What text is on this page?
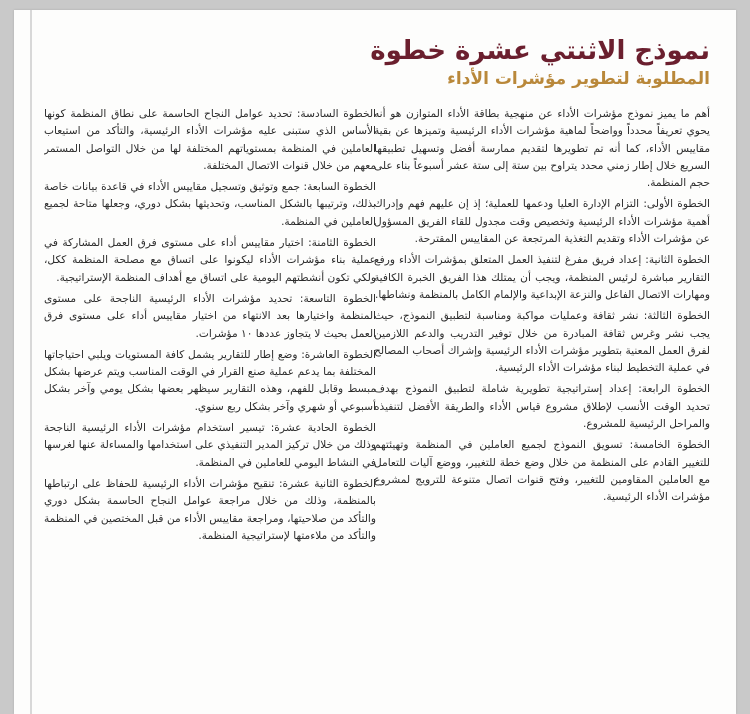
نموذج الاثنتي عشرة خطوة
المطلوبة لتطوير مؤشرات الأداء

أهم ما يميز نموذج مؤشرات الأداء عن منهجية بطاقة الأداء المتوازن هو أنه يحوي تعريفاً محدداً وواضحاً لماهية مؤشرات الأداء الرئيسية وتميزها عن بقية مقاييس الأداء، كما أنه تم تطويرها لتقديم ممارسة أفضل وتسهيل تطبيقها السريع خلال إطار زمني محدد يتراوح بين ستة إلى ستة عشر أسبوعاً بناء على حجم المنظمة.

الخطوة الأولى: التزام الإدارة العليا ودعمها للعملية؛ إذ إن عليهم فهم وإدراك أهمية مؤشرات الأداء الرئيسية وتخصيص وقت مجدول للقاء الفريق المسؤول عن مؤشرات الأداء وتقديم التغذية المرتجعة عن المقاييس المقترحة.

الخطوة الثانية: إعداد فريق مفرغ لتنفيذ العمل المتعلق بمؤشرات الأداء ورفع التقارير مباشرة لرئيس المنظمة، ويجب أن يمتلك هذا الفريق الخبرة الكافية ومهارات الاتصال الفاعل والنزعة الإبداعية والإلمام الكامل بالمنظمة ونشاطها.

الخطوة الثالثة: نشر ثقافة وعمليات مواكبة ومناسبة لتطبيق النموذج، حيث يجب نشر وغرس ثقافة المبادرة من خلال توفير التدريب والدعم اللازمين لفرق العمل المعنية بتطوير مؤشرات الأداء الرئيسية وإشراك أصحاب المصالح في عملية التخطيط لبناء مؤشرات الأداء الرئيسية.

الخطوة الرابعة: إعداد إستراتيجية تطويرية شاملة لتطبيق النموذج بهدف تحديد الوقت الأنسب لإطلاق مشروع قياس الأداء والطريقة الأفضل لتنفيذه والمراحل الرئيسية للمشروع.

الخطوة الخامسة: تسويق النموذج لجميع العاملين في المنظمة وتهيئتهم للتغيير القادم على المنظمة من خلال وضع خطة للتغيير، ووضع آليات للتعامل مع العاملين المقاومين للتغيير، وفتح قنوات اتصال متنوعة للترويج لمشروع مؤشرات الأداء الرئيسية.

الخطوة السادسة: تحديد عوامل النجاح الحاسمة على نطاق المنظمة كونها الأساس الذي ستبنى عليه مؤشرات الأداء الرئيسية، والتأكد من استيعاب العاملين في المنظمة بمستوياتهم المختلفة لها من خلال التواصل المستمر معهم من خلال قنوات الاتصال المختلفة.

الخطوة السابعة: جمع وتوثيق وتسجيل مقاييس الأداء في قاعدة بيانات خاصة بذلك، وترتيبها بالشكل المناسب، وتحديثها بشكل دوري، وجعلها متاحة لجميع العاملين في المنظمة.

الخطوة الثامنة: اختيار مقاييس أداء على مستوى فرق العمل المشاركة في عملية بناء مؤشرات الأداء ليكونوا على اتساق مع مصلحة المنظمة ككل، ولكي تكون أنشطتهم اليومية على اتساق مع أهداف المنظمة الإستراتيجية.

الخطوة التاسعة: تحديد مؤشرات الأداء الرئيسية الناجحة على مستوى المنظمة واختيارها بعد الانتهاء من اختيار مقاييس أداء على مستوى فرق العمل بحيث لا يتجاوز عددها ١٠ مؤشرات.

الخطوة العاشرة: وضع إطار للتقارير يشمل كافة المستويات ويلبي احتياجاتها المختلفة بما يدعم عملية صنع القرار في الوقت المناسب ويتم عرضها بشكل مبسط وقابل للفهم، وهذه التقارير سيظهر بعضها بشكل يومي وآخر بشكل أسبوعي أو شهري وآخر بشكل ربع سنوي.

الخطوة الحادية عشرة: تيسير استخدام مؤشرات الأداء الرئيسية الناجحة وذلك من خلال تركيز المدير التنفيذي على استخدامها والمساءلة عنها لغرسها في النشاط اليومي للعاملين في المنظمة.

الخطوة الثانية عشرة: تنقيح مؤشرات الأداء الرئيسية للحفاظ على ارتباطها بالمنظمة، وذلك من خلال مراجعة عوامل النجاح الحاسمة بشكل دوري والتأكد من صلاحيتها، ومراجعة مقاييس الأداء من قبل المختصين في المنظمة والتأكد من ملاءمتها لإستراتيجية المنظمة.
